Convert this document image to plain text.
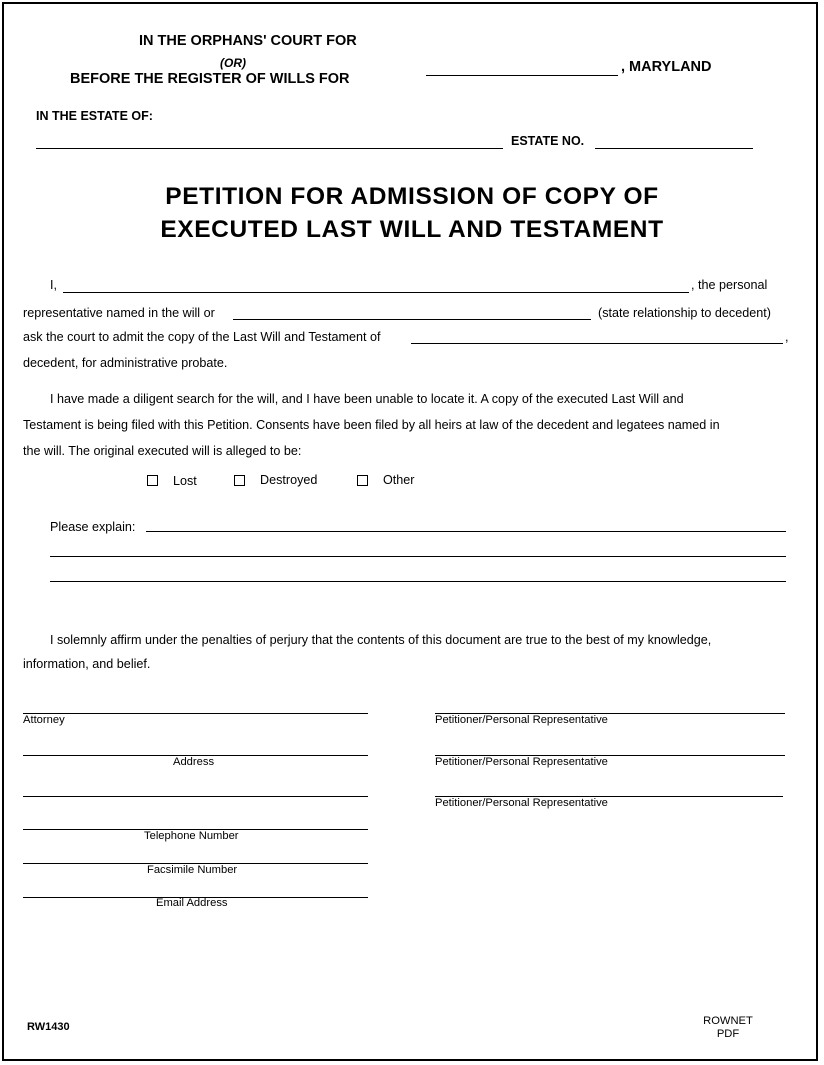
IN THE ORPHANS' COURT FOR
(OR)
BEFORE THE REGISTER OF WILLS FOR
, MARYLAND
IN THE ESTATE OF:
ESTATE NO.
PETITION FOR ADMISSION OF COPY OF
EXECUTED LAST WILL AND TESTAMENT
I,	, the personal
representative named in the will or	(state relationship to decedent)
ask the court to admit the copy of the Last Will and Testament of	,
decedent, for administrative probate.
I have made a diligent search for the will, and I have been unable to locate it. A copy of the executed Last Will and
Testament is being filed with this Petition. Consents have been filed by all heirs at law of the decedent and legatees named in
the will. The original executed will is alleged to be:
Lost	Destroyed	Other
Please explain:
I solemnly affirm under the penalties of perjury that the contents of this document are true to the best of my knowledge,
information, and belief.
Attorney
Address
Telephone Number
Facsimile Number
Email Address
Petitioner/Personal Representative
Petitioner/Personal Representative
Petitioner/Personal Representative
RW1430	ROWNET
PDF
